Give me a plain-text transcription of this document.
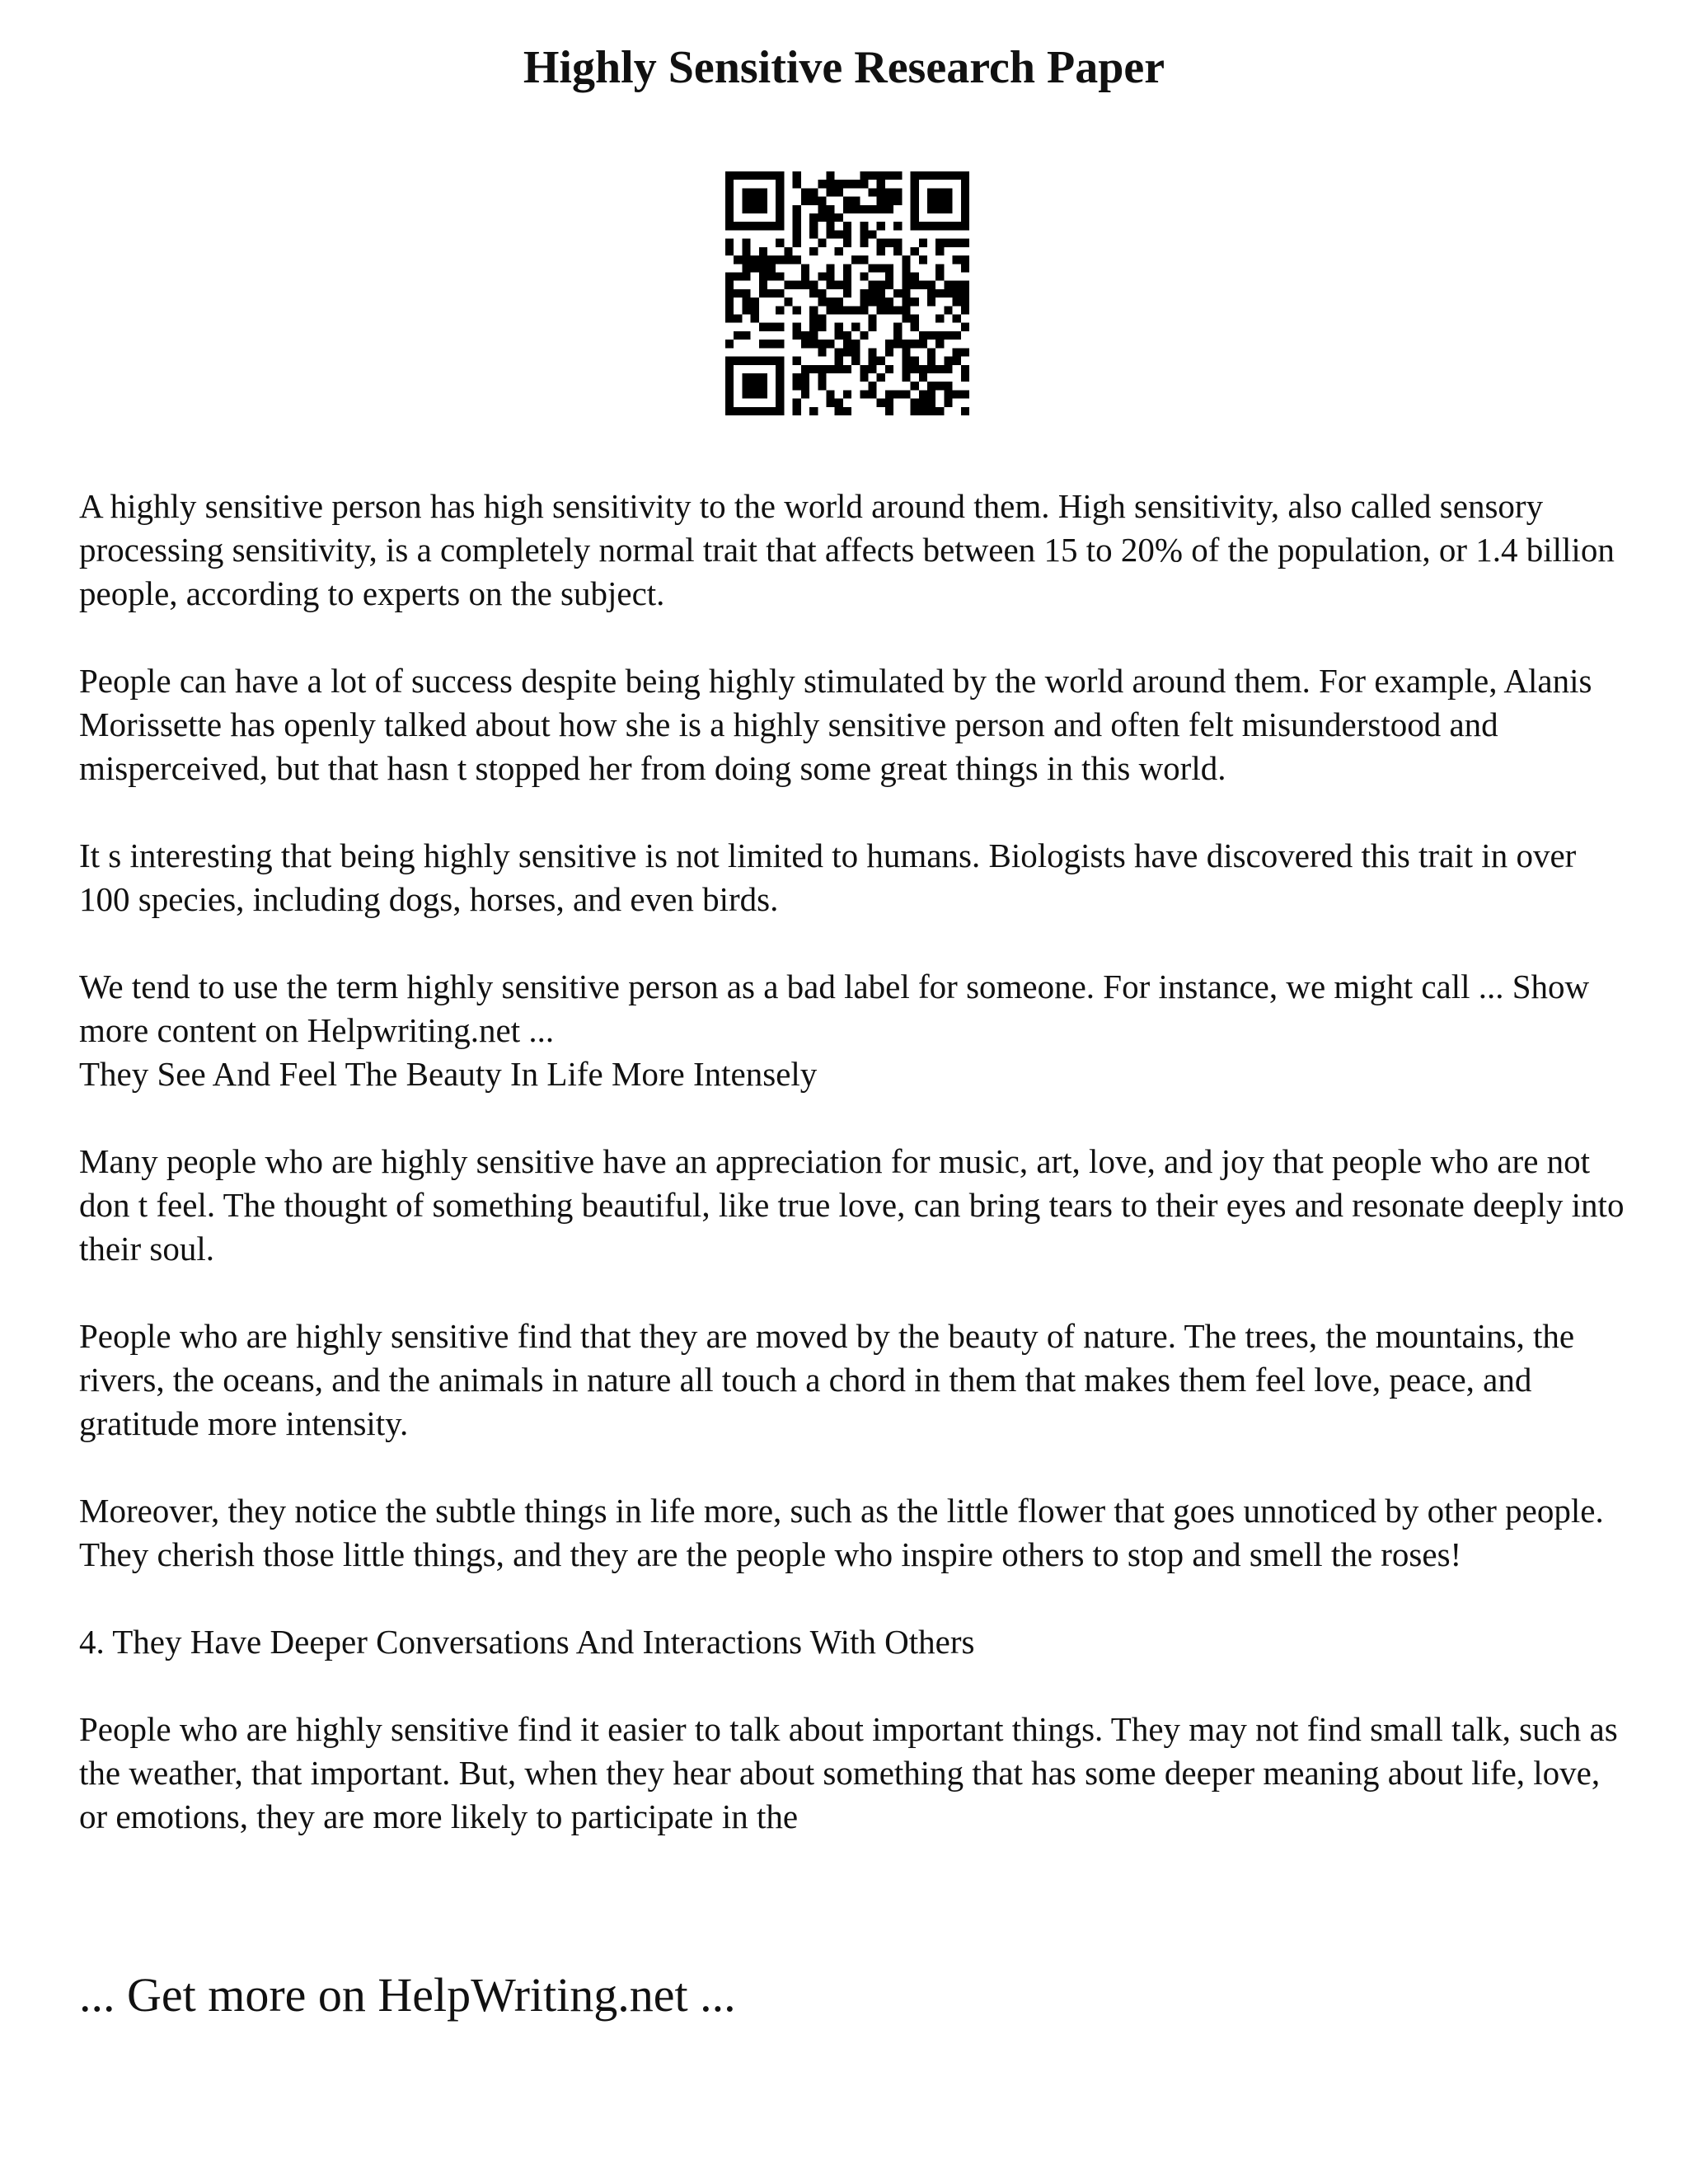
Highly Sensitive Research Paper

A highly sensitive person has high sensitivity to the world around them. High sensitivity, also called sensory processing sensitivity, is a completely normal trait that affects between 15 to 20% of the population, or 1.4 billion people, according to experts on the subject.

People can have a lot of success despite being highly stimulated by the world around them. For example, Alanis Morissette has openly talked about how she is a highly sensitive person and often felt misunderstood and misperceived, but that hasn t stopped her from doing some great things in this world.

It s interesting that being highly sensitive is not limited to humans. Biologists have discovered this trait in over 100 species, including dogs, horses, and even birds.

We tend to use the term highly sensitive person as a bad label for someone. For instance, we might call ... Show more content on Helpwriting.net ...

They See And Feel The Beauty In Life More Intensely

Many people who are highly sensitive have an appreciation for music, art, love, and joy that people who are not don t feel. The thought of something beautiful, like true love, can bring tears to their eyes and resonate deeply into their soul.

People who are highly sensitive find that they are moved by the beauty of nature. The trees, the mountains, the rivers, the oceans, and the animals in nature all touch a chord in them that makes them feel love, peace, and gratitude more intensity.

Moreover, they notice the subtle things in life more, such as the little flower that goes unnoticed by other people. They cherish those little things, and they are the people who inspire others to stop and smell the roses!

4. They Have Deeper Conversations And Interactions With Others

People who are highly sensitive find it easier to talk about important things. They may not find small talk, such as the weather, that important. But, when they hear about something that has some deeper meaning about life, love, or emotions, they are more likely to participate in the

... Get more on HelpWriting.net ...
